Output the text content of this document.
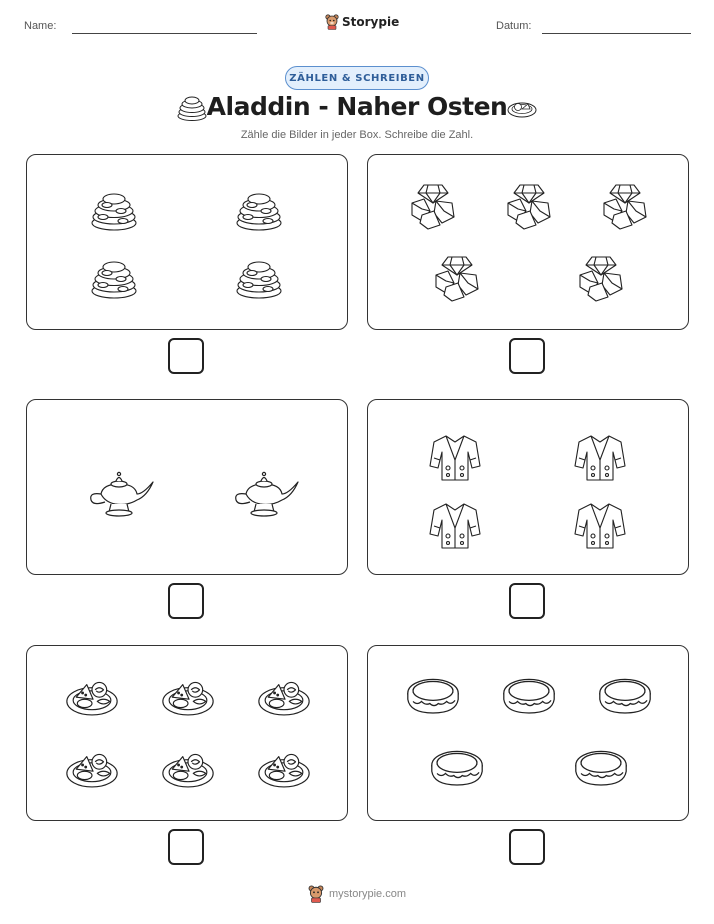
Name:	Storypie	Datum:
ZÄHLEN & SCHREIBEN
Aladdin - Naher Osten
Zähle die Bilder in jeder Box. Schreibe die Zahl.
mystorypie.com
